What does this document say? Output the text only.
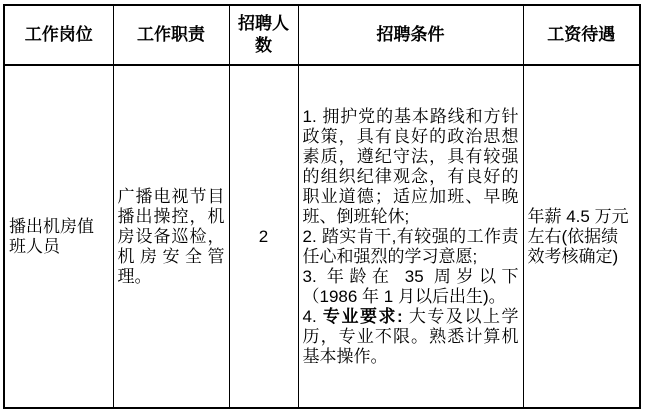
工作岗位	工作职责	招聘人数	招聘条件	工资待遇
播出机房值班人员	广播电视节目播出操控，机房设备巡检，机房安全管理。	2	1. 拥护党的基本路线和方针政策，具有良好的政治思想素质，遵纪守法，具有较强的组织纪律观念，有良好的职业道德；适应加班、早晚班、倒班轮休;
2. 踏实肯干,有较强的工作责任心和强烈的学习意愿;
3. 年龄在 35 周岁以下（1986 年 1 月以后出生)。
4. 专业要求: 大专及以上学历，专业不限。熟悉计算机基本操作。	年薪 4.5 万元左右(依据绩效考核确定)
